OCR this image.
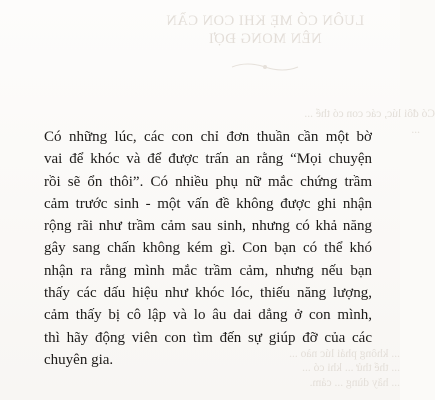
LUÔN CÓ MẸ KHI CON CẦN
NÊN MONG ĐỢI
Có đôi lúc, các con có thể ...
...
... không phải lúc nào ...
... thể thử ... khi có ...
... hãy dùng ... cảm.

Có những lúc, các con chỉ đơn thuần cần một bờ
vai để khóc và để được trấn an rằng “Mọi chuyện
rồi sẽ ổn thôi”. Có nhiều phụ nữ mắc chứng trầm
cảm trước sinh - một vấn đề không được ghi nhận
rộng rãi như trầm cảm sau sinh, nhưng có khả năng
gây sang chấn không kém gì. Con bạn có thể khó
nhận ra rằng mình mắc trầm cảm, nhưng nếu bạn
thấy các dấu hiệu như khóc lóc, thiếu năng lượng,
cảm thấy bị cô lập và lo âu dai dẳng ở con mình,
thì hãy động viên con tìm đến sự giúp đỡ của các
chuyên gia.
